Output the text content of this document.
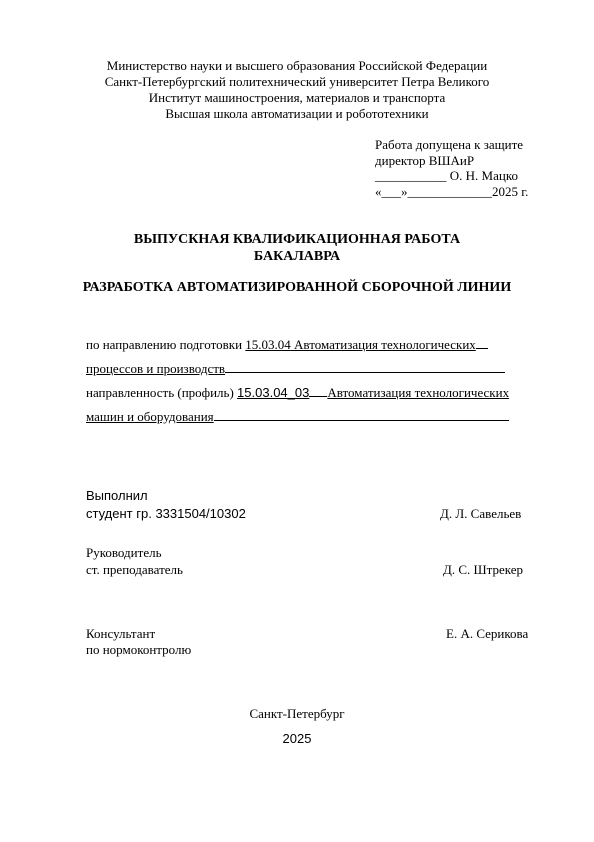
Министерство науки и высшего образования Российской Федерации
Санкт-Петербургский политехнический университет Петра Великого
Институт машиностроения, материалов и транспорта
Высшая школа автоматизации и робототехники
Работа допущена к защите
директор ВШАиР
___________ О. Н. Мацко
«___»_____________2025 г.
ВЫПУСКНАЯ КВАЛИФИКАЦИОННАЯ РАБОТА
БАКАЛАВРА
РАЗРАБОТКА АВТОМАТИЗИРОВАННОЙ СБОРОЧНОЙ ЛИНИИ
по направлению подготовки 15.03.04 Автоматизация технологических
процессов и производств
направленность (профиль) 15.03.04_03 Автоматизация технологических
машин и оборудования
Выполнил
студент гр. 3331504/10302	Д. Л. Савельев
Руководитель
ст. преподаватель	Д. С. Штрекер
Консультант	Е. А. Серикова
по нормоконтролю
Санкт-Петербург
2025
